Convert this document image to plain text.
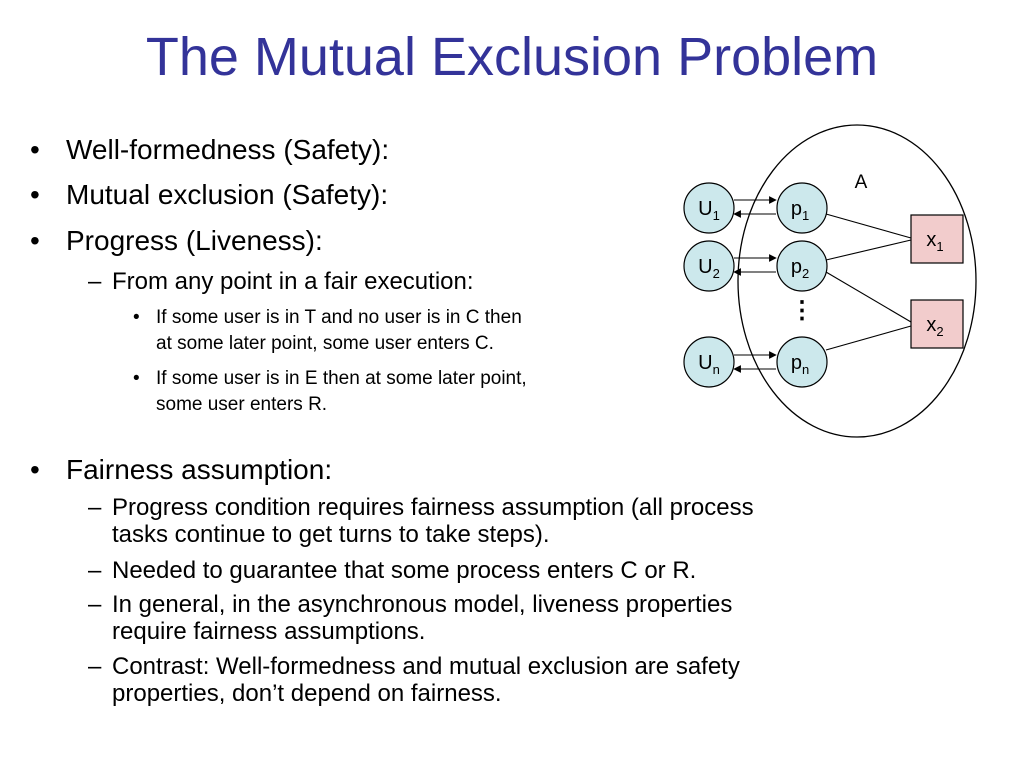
The Mutual Exclusion Problem
• Well-formedness (Safety):
• Mutual exclusion (Safety):
• Progress (Liveness):
– From any point in a fair execution:
• If some user is in T and no user is in C then
at some later point, some user enters C.
• If some user is in E then at some later point,
some user enters R.
• Fairness assumption:
– Progress condition requires fairness assumption (all process
tasks continue to get turns to take steps).
– Needed to guarantee that some process enters C or R.
– In general, in the asynchronous model, liveness properties
require fairness assumptions.
– Contrast: Well-formedness and mutual exclusion are safety
properties, don’t depend on fairness.
A
$U_1$
$U_2$
$U_n$
$p_1$
$p_2$
$p_n$
⋮
$x_1$
$x_2$
